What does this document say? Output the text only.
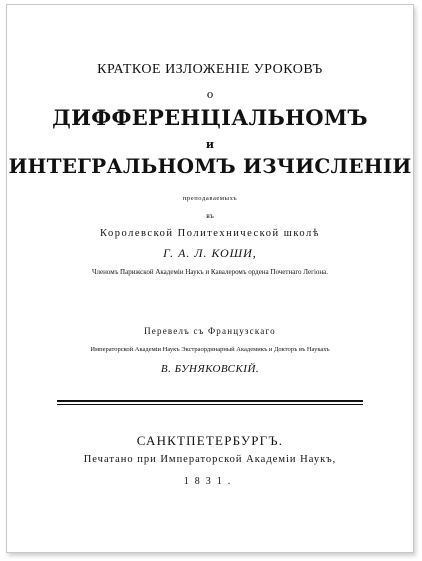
КРАТКОЕ ИЗЛОЖЕНІЕ УРОКОВЪ
о
ДИФФЕРЕНЦІАЛЬНОМЪ
и
ИНТЕГРАЛЬНОМЪ ИЗЧИСЛЕНІИ
преподаваемыхъ
въ
Королевской Политехнической школѣ
Г. А. Л. КОШИ,
Членомъ Парижской Академіи Наукъ и Кавалеромъ ордена Почетнаго Легіона.
Перевелъ съ Французскаго
Императорской Академіи Наукъ Экстраординарный Академикъ и Докторъ въ Наукахъ
В. БУНЯКОВСКІЙ.
САНКТПЕТЕРБУРГЪ.
Печатано при Императорской Академіи Наукъ,
1831.
